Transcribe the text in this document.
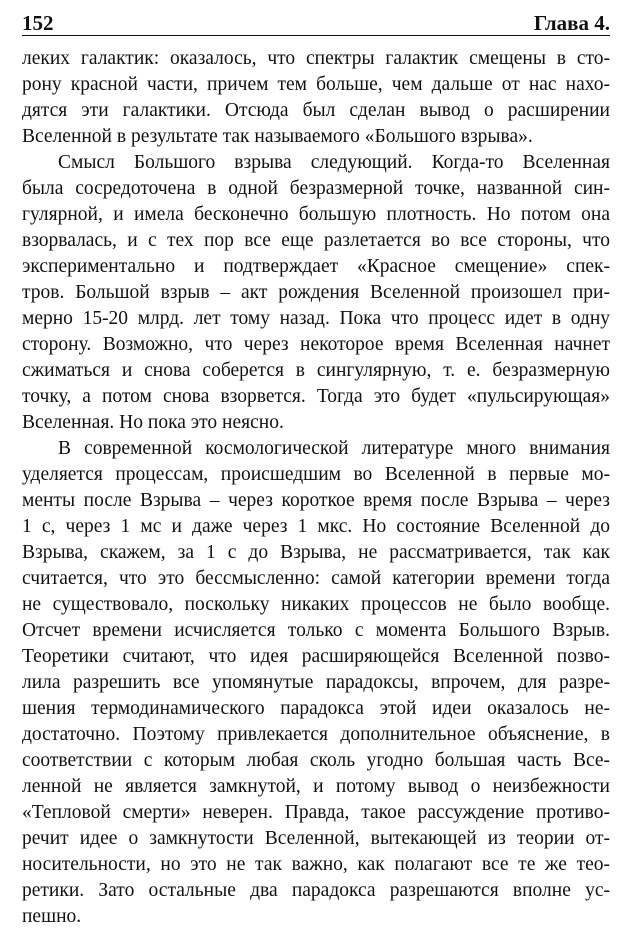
152	Глава 4.
леких галактик: оказалось, что спектры галактик смещены в сто-
рону красной части, причем тем больше, чем дальше от нас нахо-
дятся эти галактики. Отсюда был сделан вывод о расширении
Вселенной в результате так называемого «Большого взрыва».
Смысл Большого взрыва следующий. Когда-то Вселенная
была сосредоточена в одной безразмерной точке, названной син-
гулярной, и имела бесконечно большую плотность. Но потом она
взорвалась, и с тех пор все еще разлетается во все стороны, что
экспериментально и подтверждает «Красное смещение» спек-
тров. Большой взрыв – акт рождения Вселенной произошел при-
мерно 15-20 млрд. лет тому назад. Пока что процесс идет в одну
сторону. Возможно, что через некоторое время Вселенная начнет
сжиматься и снова соберется в сингулярную, т. е. безразмерную
точку, а потом снова взорвется. Тогда это будет «пульсирующая»
Вселенная. Но пока это неясно.
В современной космологической литературе много внимания
уделяется процессам, происшедшим во Вселенной в первые мо-
менты после Взрыва – через короткое время после Взрыва – через
1 с, через 1 мс и даже через 1 мкс. Но состояние Вселенной до
Взрыва, скажем, за 1 с до Взрыва, не рассматривается, так как
считается, что это бессмысленно: самой категории времени тогда
не существовало, поскольку никаких процессов не было вообще.
Отсчет времени исчисляется только с момента Большого Взрыв.
Теоретики считают, что идея расширяющейся Вселенной позво-
лила разрешить все упомянутые парадоксы, впрочем, для разре-
шения термодинамического парадокса этой идеи оказалось не-
достаточно. Поэтому привлекается дополнительное объяснение, в
соответствии с которым любая сколь угодно большая часть Все-
ленной не является замкнутой, и потому вывод о неизбежности
«Тепловой смерти» неверен. Правда, такое рассуждение противо-
речит идее о замкнутости Вселенной, вытекающей из теории от-
носительности, но это не так важно, как полагают все те же тео-
ретики. Зато остальные два парадокса разрешаются вполне ус-
пешно.
